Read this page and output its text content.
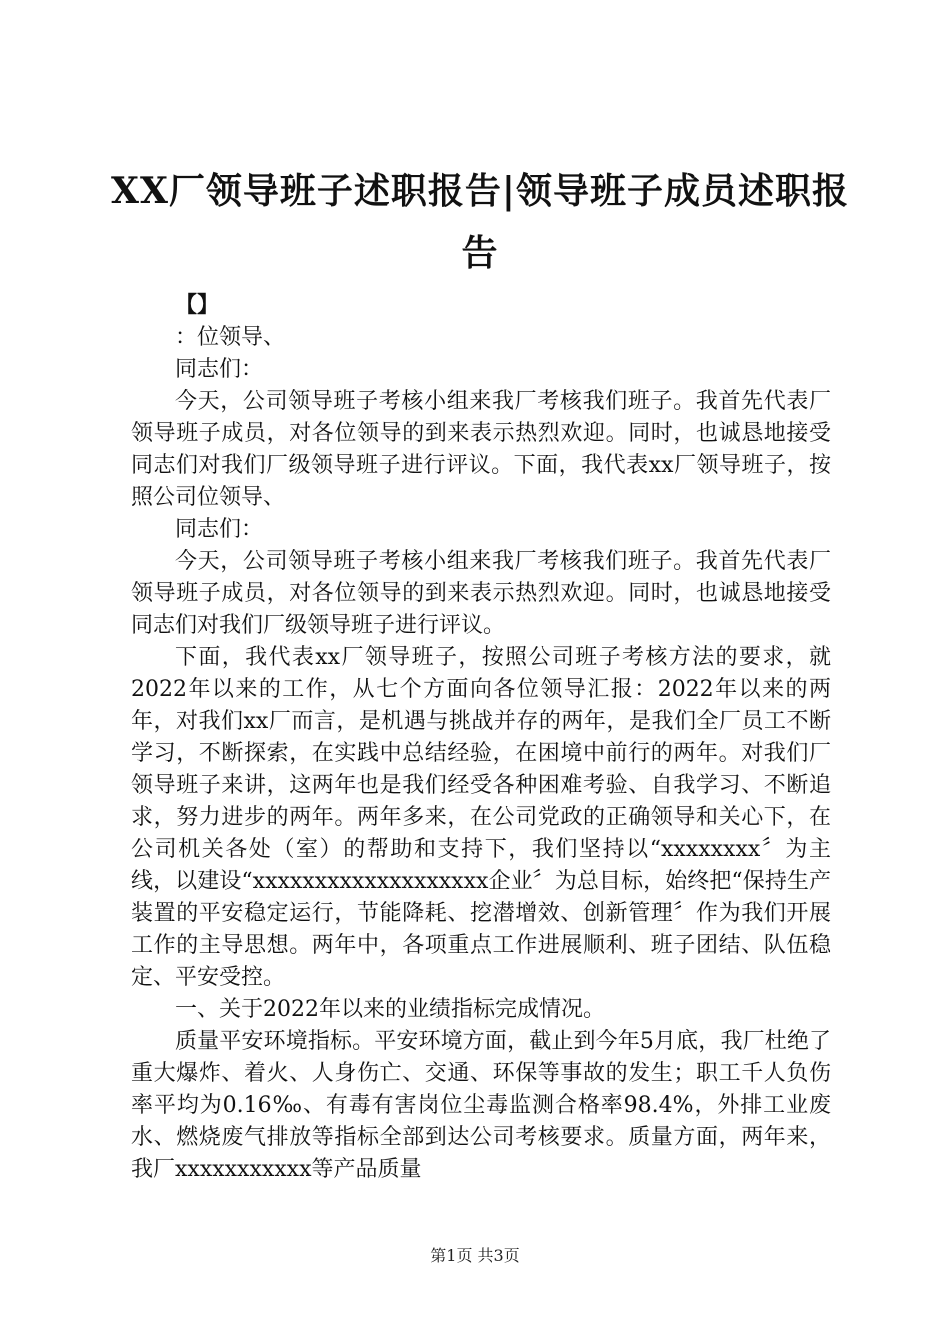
XX厂领导班子述职报告|领导班子成员述职报告

【】

：位领导、

同志们：

今天，公司领导班子考核小组来我厂考核我们班子。我首先代表厂领导班子成员，对各位领导的到来表示热烈欢迎。同时，也诚恳地接受同志们对我们厂级领导班子进行评议。下面，我代表xx厂领导班子，按照公司位领导、

同志们：

今天，公司领导班子考核小组来我厂考核我们班子。我首先代表厂领导班子成员，对各位领导的到来表示热烈欢迎。同时，也诚恳地接受同志们对我们厂级领导班子进行评议。

下面，我代表xx厂领导班子，按照公司班子考核方法的要求，就2022年以来的工作，从七个方面向各位领导汇报：2022年以来的两年，对我们xx厂而言，是机遇与挑战并存的两年，是我们全厂员工不断学习，不断探索，在实践中总结经验，在困境中前行的两年。对我们厂领导班子来讲，这两年也是我们经受各种困难考验、自我学习、不断追求，努力进步的两年。两年多来，在公司党政的正确领导和关心下，在公司机关各处（室）的帮助和支持下，我们坚持以“xxxxxxxx〞为主线，以建设“xxxxxxxxxxxxxxxxxxx企业〞为总目标，始终把“保持生产装置的平安稳定运行，节能降耗、挖潜增效、创新管理〞作为我们开展工作的主导思想。两年中，各项重点工作进展顺利、班子团结、队伍稳定、平安受控。

一、关于2022年以来的业绩指标完成情况。

质量平安环境指标。平安环境方面，截止到今年5月底，我厂杜绝了重大爆炸、着火、人身伤亡、交通、环保等事故的发生；职工千人负伤率平均为0.16‰、有毒有害岗位尘毒监测合格率98.4%，外排工业废水、燃烧废气排放等指标全部到达公司考核要求。质量方面，两年来，我厂xxxxxxxxxxx等产品质量

第1页 共3页
